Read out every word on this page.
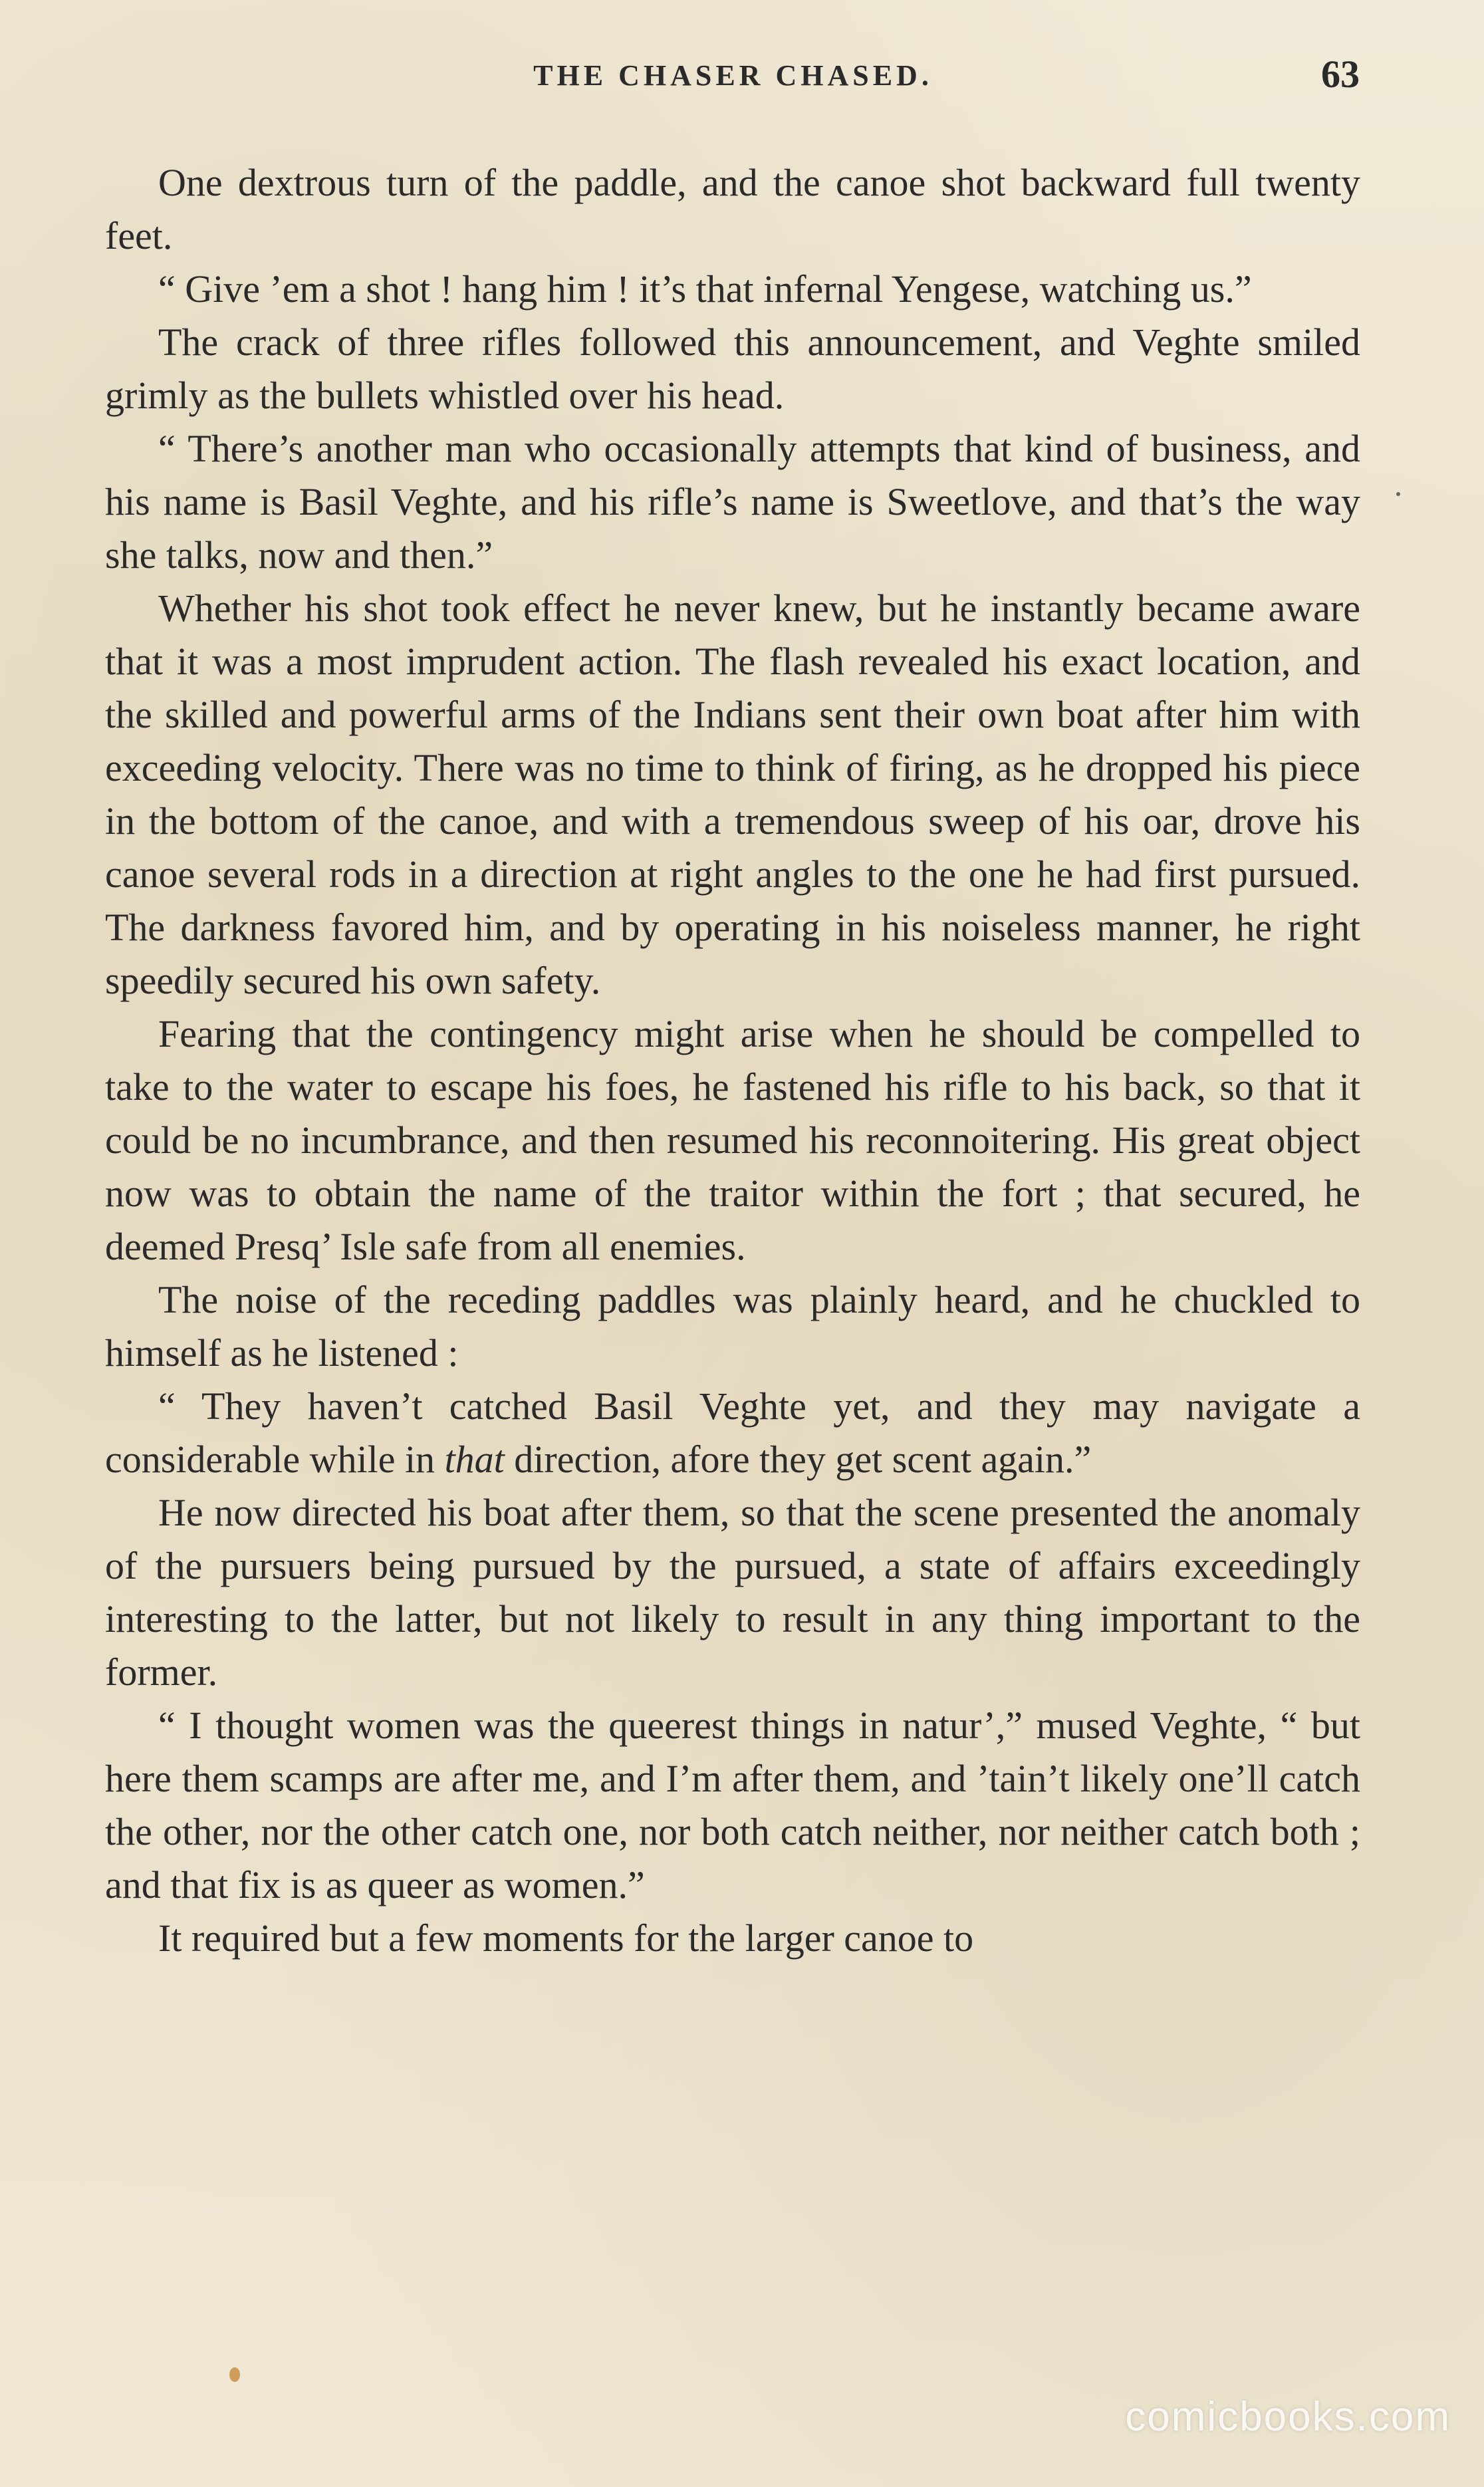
THE CHASER CHASED.	63

One dextrous turn of the paddle, and the canoe shot backward full twenty feet.

“ Give ’em a shot ! hang him ! it’s that infernal Yengese, watching us.”

The crack of three rifles followed this announcement, and Veghte smiled grimly as the bullets whistled over his head.

“ There’s another man who occasionally attempts that kind of business, and his name is Basil Veghte, and his rifle’s name is Sweetlove, and that’s the way she talks, now and then.”

Whether his shot took effect he never knew, but he instantly became aware that it was a most imprudent action. The flash revealed his exact location, and the skilled and powerful arms of the Indians sent their own boat after him with exceeding velocity. There was no time to think of firing, as he dropped his piece in the bottom of the canoe, and with a tremendous sweep of his oar, drove his canoe several rods in a direction at right angles to the one he had first pursued. The darkness favored him, and by operating in his noiseless manner, he right speedily secured his own safety.

Fearing that the contingency might arise when he should be compelled to take to the water to escape his foes, he fastened his rifle to his back, so that it could be no incumbrance, and then resumed his reconnoitering. His great object now was to obtain the name of the traitor within the fort ; that secured, he deemed Presq’ Isle safe from all enemies.

The noise of the receding paddles was plainly heard, and he chuckled to himself as he listened :

“ They haven’t catched Basil Veghte yet, and they may navigate a considerable while in that direction, afore they get scent again.”

He now directed his boat after them, so that the scene presented the anomaly of the pursuers being pursued by the pursued, a state of affairs exceedingly interesting to the latter, but not likely to result in any thing important to the former.

“ I thought women was the queerest things in natur’,” mused Veghte, “ but here them scamps are after me, and I’m after them, and ’tain’t likely one’ll catch the other, nor the other catch one, nor both catch neither, nor neither catch both ; and that fix is as queer as women.”

It required but a few moments for the larger canoe to

comicbooks.com
